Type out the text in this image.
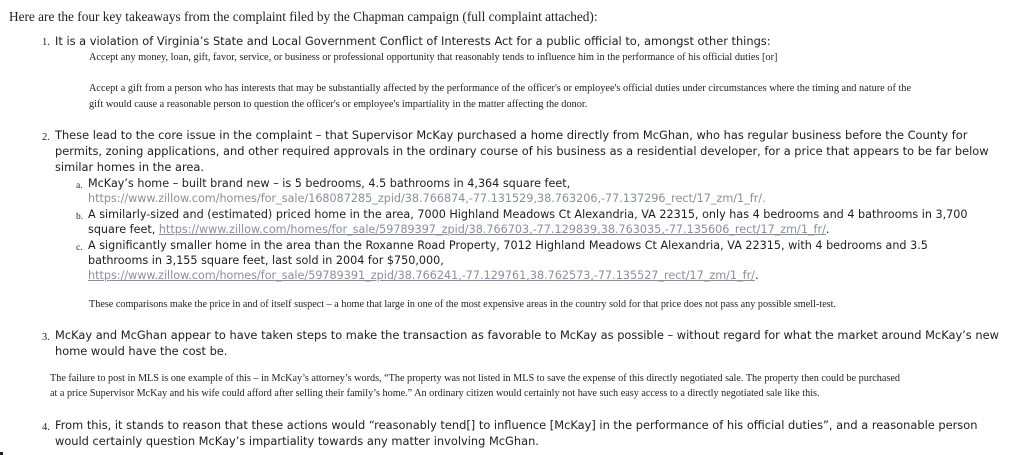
Here are the four key takeaways from the complaint filed by the Chapman campaign (full complaint attached):
1. It is a violation of Virginia’s State and Local Government Conflict of Interests Act for a public official to, amongst other things:
Accept any money, loan, gift, favor, service, or business or professional opportunity that reasonably tends to influence him in the performance of his official duties [or]
Accept a gift from a person who has interests that may be substantially affected by the performance of the officer's or employee's official duties under circumstances where the timing and nature of the
gift would cause a reasonable person to question the officer's or employee's impartiality in the matter affecting the donor.
2. These lead to the core issue in the complaint – that Supervisor McKay purchased a home directly from McGhan, who has regular business before the County for
permits, zoning applications, and other required approvals in the ordinary course of his business as a residential developer, for a price that appears to be far below
similar homes in the area.
a. McKay’s home – built brand new – is 5 bedrooms, 4.5 bathrooms in 4,364 square feet,
https://www.zillow.com/homes/for_sale/168087285_zpid/38.766874,-77.131529,38.763206,-77.137296_rect/17_zm/1_fr/.
b. A similarly-sized and (estimated) priced home in the area, 7000 Highland Meadows Ct Alexandria, VA 22315, only has 4 bedrooms and 4 bathrooms in 3,700
square feet, https://www.zillow.com/homes/for_sale/59789397_zpid/38.766703,-77.129839,38.763035,-77.135606_rect/17_zm/1_fr/.
c. A significantly smaller home in the area than the Roxanne Road Property, 7012 Highland Meadows Ct Alexandria, VA 22315, with 4 bedrooms and 3.5
bathrooms in 3,155 square feet, last sold in 2004 for $750,000,
https://www.zillow.com/homes/for_sale/59789391_zpid/38.766241,-77.129761,38.762573,-77.135527_rect/17_zm/1_fr/.
These comparisons make the price in and of itself suspect – a home that large in one of the most expensive areas in the country sold for that price does not pass any possible smell-test.
3. McKay and McGhan appear to have taken steps to make the transaction as favorable to McKay as possible – without regard for what the market around McKay’s new
home would have the cost be.
The failure to post in MLS is one example of this – in McKay’s attorney’s words, “The property was not listed in MLS to save the expense of this directly negotiated sale. The property then could be purchased
at a price Supervisor McKay and his wife could afford after selling their family’s home.” An ordinary citizen would certainly not have such easy access to a directly negotiated sale like this.
4. From this, it stands to reason that these actions would “reasonably tend[] to influence [McKay] in the performance of his official duties”, and a reasonable person
would certainly question McKay’s impartiality towards any matter involving McGhan.
